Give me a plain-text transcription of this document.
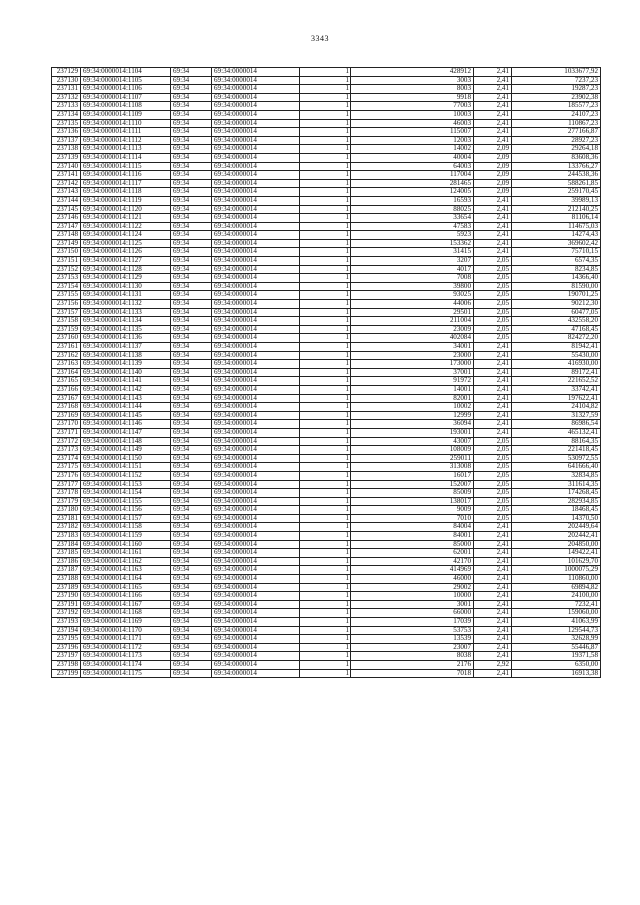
3343
237129	69:34:0000014:1104	69:34	69:34:0000014	1	428912	2,41	1033677,92
237130	69:34:0000014:1105	69:34	69:34:0000014	1	3003	2,41	7237,23
237131	69:34:0000014:1106	69:34	69:34:0000014	1	8003	2,41	19287,23
237132	69:34:0000014:1107	69:34	69:34:0000014	1	9918	2,41	23902,38
237133	69:34:0000014:1108	69:34	69:34:0000014	1	77003	2,41	185577,23
237134	69:34:0000014:1109	69:34	69:34:0000014	1	10003	2,41	24107,23
237135	69:34:0000014:1110	69:34	69:34:0000014	1	46003	2,41	110867,23
237136	69:34:0000014:1111	69:34	69:34:0000014	1	115007	2,41	277166,87
237137	69:34:0000014:1112	69:34	69:34:0000014	1	12003	2,41	28927,23
237138	69:34:0000014:1113	69:34	69:34:0000014	1	14002	2,09	29264,18
237139	69:34:0000014:1114	69:34	69:34:0000014	1	40004	2,09	83608,36
237140	69:34:0000014:1115	69:34	69:34:0000014	1	64003	2,09	133766,27
237141	69:34:0000014:1116	69:34	69:34:0000014	1	117004	2,09	244538,36
237142	69:34:0000014:1117	69:34	69:34:0000014	1	281465	2,09	588261,85
237143	69:34:0000014:1118	69:34	69:34:0000014	1	124005	2,09	259170,45
237144	69:34:0000014:1119	69:34	69:34:0000014	1	16593	2,41	39989,13
237145	69:34:0000014:1120	69:34	69:34:0000014	1	88025	2,41	212140,25
237146	69:34:0000014:1121	69:34	69:34:0000014	1	33654	2,41	81106,14
237147	69:34:0000014:1122	69:34	69:34:0000014	1	47583	2,41	114675,03
237148	69:34:0000014:1124	69:34	69:34:0000014	1	5923	2,41	14274,43
237149	69:34:0000014:1125	69:34	69:34:0000014	1	153362	2,41	369602,42
237150	69:34:0000014:1126	69:34	69:34:0000014	1	31415	2,41	75710,15
237151	69:34:0000014:1127	69:34	69:34:0000014	1	3207	2,05	6574,35
237152	69:34:0000014:1128	69:34	69:34:0000014	1	4017	2,05	8234,85
237153	69:34:0000014:1129	69:34	69:34:0000014	1	7008	2,05	14366,40
237154	69:34:0000014:1130	69:34	69:34:0000014	1	39800	2,05	81590,00
237155	69:34:0000014:1131	69:34	69:34:0000014	1	93025	2,05	190701,25
237156	69:34:0000014:1132	69:34	69:34:0000014	1	44006	2,05	90212,30
237157	69:34:0000014:1133	69:34	69:34:0000014	1	29501	2,05	60477,05
237158	69:34:0000014:1134	69:34	69:34:0000014	1	211004	2,05	432558,20
237159	69:34:0000014:1135	69:34	69:34:0000014	1	23009	2,05	47168,45
237160	69:34:0000014:1136	69:34	69:34:0000014	1	402084	2,05	824272,20
237161	69:34:0000014:1137	69:34	69:34:0000014	1	34001	2,41	81942,41
237162	69:34:0000014:1138	69:34	69:34:0000014	1	23000	2,41	55430,00
237163	69:34:0000014:1139	69:34	69:34:0000014	1	173000	2,41	416930,00
237164	69:34:0000014:1140	69:34	69:34:0000014	1	37001	2,41	89172,41
237165	69:34:0000014:1141	69:34	69:34:0000014	1	91972	2,41	221652,52
237166	69:34:0000014:1142	69:34	69:34:0000014	1	14001	2,41	33742,41
237167	69:34:0000014:1143	69:34	69:34:0000014	1	82001	2,41	197622,41
237168	69:34:0000014:1144	69:34	69:34:0000014	1	10002	2,41	24104,82
237169	69:34:0000014:1145	69:34	69:34:0000014	1	12999	2,41	31327,59
237170	69:34:0000014:1146	69:34	69:34:0000014	1	36094	2,41	86986,54
237171	69:34:0000014:1147	69:34	69:34:0000014	1	193001	2,41	465132,41
237172	69:34:0000014:1148	69:34	69:34:0000014	1	43007	2,05	88164,35
237173	69:34:0000014:1149	69:34	69:34:0000014	1	108009	2,05	221418,45
237174	69:34:0000014:1150	69:34	69:34:0000014	1	259011	2,05	530972,55
237175	69:34:0000014:1151	69:34	69:34:0000014	1	313008	2,05	641666,40
237176	69:34:0000014:1152	69:34	69:34:0000014	1	16017	2,05	32834,85
237177	69:34:0000014:1153	69:34	69:34:0000014	1	152007	2,05	311614,35
237178	69:34:0000014:1154	69:34	69:34:0000014	1	85009	2,05	174268,45
237179	69:34:0000014:1155	69:34	69:34:0000014	1	138017	2,05	282934,85
237180	69:34:0000014:1156	69:34	69:34:0000014	1	9009	2,05	18468,45
237181	69:34:0000014:1157	69:34	69:34:0000014	1	7010	2,05	14370,50
237182	69:34:0000014:1158	69:34	69:34:0000014	1	84004	2,41	202449,64
237183	69:34:0000014:1159	69:34	69:34:0000014	1	84001	2,41	202442,41
237184	69:34:0000014:1160	69:34	69:34:0000014	1	85000	2,41	204850,00
237185	69:34:0000014:1161	69:34	69:34:0000014	1	62001	2,41	149422,41
237186	69:34:0000014:1162	69:34	69:34:0000014	1	42170	2,41	101629,70
237187	69:34:0000014:1163	69:34	69:34:0000014	1	414969	2,41	1000075,29
237188	69:34:0000014:1164	69:34	69:34:0000014	1	46000	2,41	110860,00
237189	69:34:0000014:1165	69:34	69:34:0000014	1	29002	2,41	69894,82
237190	69:34:0000014:1166	69:34	69:34:0000014	1	10000	2,41	24100,00
237191	69:34:0000014:1167	69:34	69:34:0000014	1	3001	2,41	7232,41
237192	69:34:0000014:1168	69:34	69:34:0000014	1	66000	2,41	159060,00
237193	69:34:0000014:1169	69:34	69:34:0000014	1	17039	2,41	41063,99
237194	69:34:0000014:1170	69:34	69:34:0000014	1	53753	2,41	129544,73
237195	69:34:0000014:1171	69:34	69:34:0000014	1	13539	2,41	32628,99
237196	69:34:0000014:1172	69:34	69:34:0000014	1	23007	2,41	55446,87
237197	69:34:0000014:1173	69:34	69:34:0000014	1	8038	2,41	19371,58
237198	69:34:0000014:1174	69:34	69:34:0000014	1	2176	2,92	6350,00
237199	69:34:0000014:1175	69:34	69:34:0000014	1	7018	2,41	16913,38
